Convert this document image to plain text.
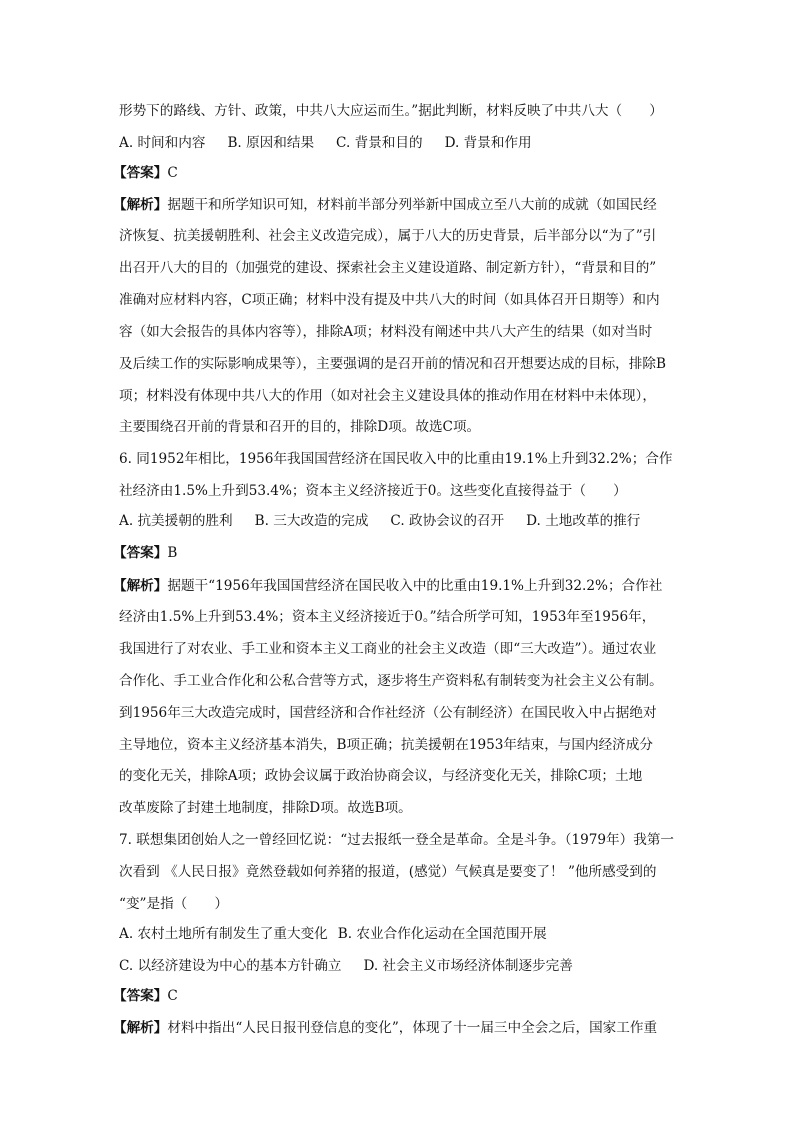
形势下的路线、方针、政策，中共八大应运而生。”据此判断，材料反映了中共八大（　　）
A. 时间和内容 B. 原因和结果 C. 背景和目的 D. 背景和作用
【答案】C
【解析】据题干和所学知识可知，材料前半部分列举新中国成立至八大前的成就（如国民经
济恢复、抗美援朝胜利、社会主义改造完成），属于八大的历史背景，后半部分以“为了”引
出召开八大的目的（加强党的建设、探索社会主义建设道路、制定新方针），“背景和目的”
准确对应材料内容，C项正确；材料中没有提及中共八大的时间（如具体召开日期等）和内
容（如大会报告的具体内容等），排除A项；材料没有阐述中共八大产生的结果（如对当时
及后续工作的实际影响成果等），主要强调的是召开前的情况和召开想要达成的目标，排除B
项；材料没有体现中共八大的作用（如对社会主义建设具体的推动作用在材料中未体现），
主要围绕召开前的背景和召开的目的，排除D项。故选C项。
6. 同1952年相比，1956年我国国营经济在国民收入中的比重由19.1%上升到32.2%；合作
社经济由1.5%上升到53.4%；资本主义经济接近于0。这些变化直接得益于（　　）
A. 抗美援朝的胜利 B. 三大改造的完成 C. 政协会议的召开 D. 土地改革的推行
【答案】B
【解析】据题干“1956年我国国营经济在国民收入中的比重由19.1%上升到32.2%；合作社
经济由1.5%上升到53.4%；资本主义经济接近于0。”结合所学可知，1953年至1956年，
我国进行了对农业、手工业和资本主义工商业的社会主义改造（即“三大改造”）。通过农业
合作化、手工业合作化和公私合营等方式，逐步将生产资料私有制转变为社会主义公有制。
到1956年三大改造完成时，国营经济和合作社经济（公有制经济）在国民收入中占据绝对
主导地位，资本主义经济基本消失，B项正确；抗美援朝在1953年结束，与国内经济成分
的变化无关，排除A项；政协会议属于政治协商会议，与经济变化无关，排除C项；土地
改革废除了封建土地制度，排除D项。故选B项。
7. 联想集团创始人之一曾经回忆说：“过去报纸一登全是革命。全是斗争。（1979年）我第一
次看到 《人民日报》竟然登载如何养猪的报道，(感觉）气候真是要变了！ ”他所感受到的
“变”是指（　　）
A. 农村土地所有制发生了重大变化 B. 农业合作化运动在全国范围开展
C. 以经济建设为中心的基本方针确立 D. 社会主义市场经济体制逐步完善
【答案】C
【解析】材料中指出“人民日报刊登信息的变化”，体现了十一届三中全会之后，国家工作重
